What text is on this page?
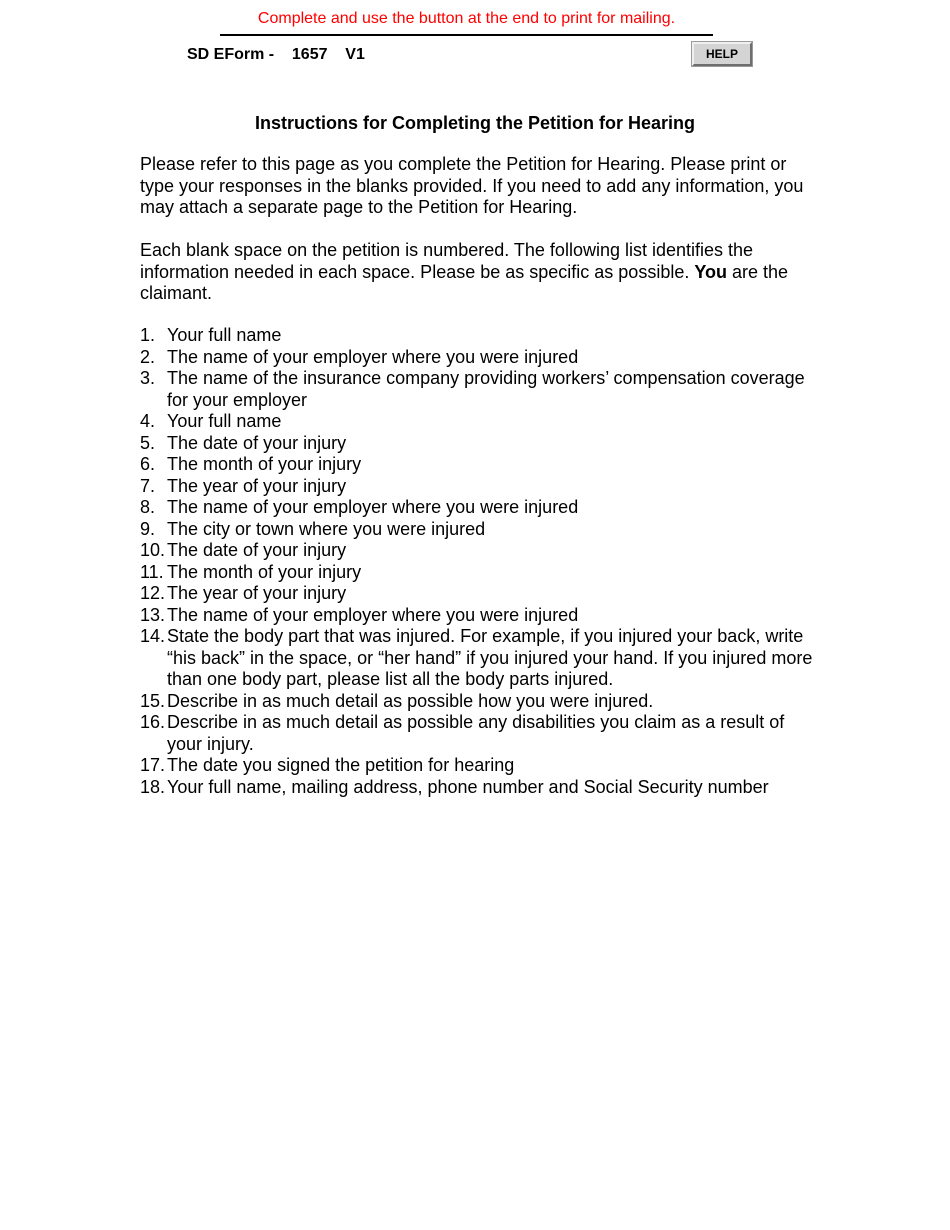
Complete and use the button at the end to print for mailing.
SD EForm -    1657    V1	HELP
Instructions for Completing the Petition for Hearing

Please refer to this page as you complete the Petition for Hearing. Please print or type your responses in the blanks provided. If you need to add any information, you may attach a separate page to the Petition for Hearing.

Each blank space on the petition is numbered. The following list identifies the information needed in each space. Please be as specific as possible. You are the claimant.

1. Your full name
2. The name of your employer where you were injured
3. The name of the insurance company providing workers’ compensation coverage for your employer
4. Your full name
5. The date of your injury
6. The month of your injury
7. The year of your injury
8. The name of your employer where you were injured
9. The city or town where you were injured
10. The date of your injury
11. The month of your injury
12. The year of your injury
13. The name of your employer where you were injured
14. State the body part that was injured. For example, if you injured your back, write “his back” in the space, or “her hand” if you injured your hand. If you injured more than one body part, please list all the body parts injured.
15. Describe in as much detail as possible how you were injured.
16. Describe in as much detail as possible any disabilities you claim as a result of your injury.
17. The date you signed the petition for hearing
18. Your full name, mailing address, phone number and Social Security number
